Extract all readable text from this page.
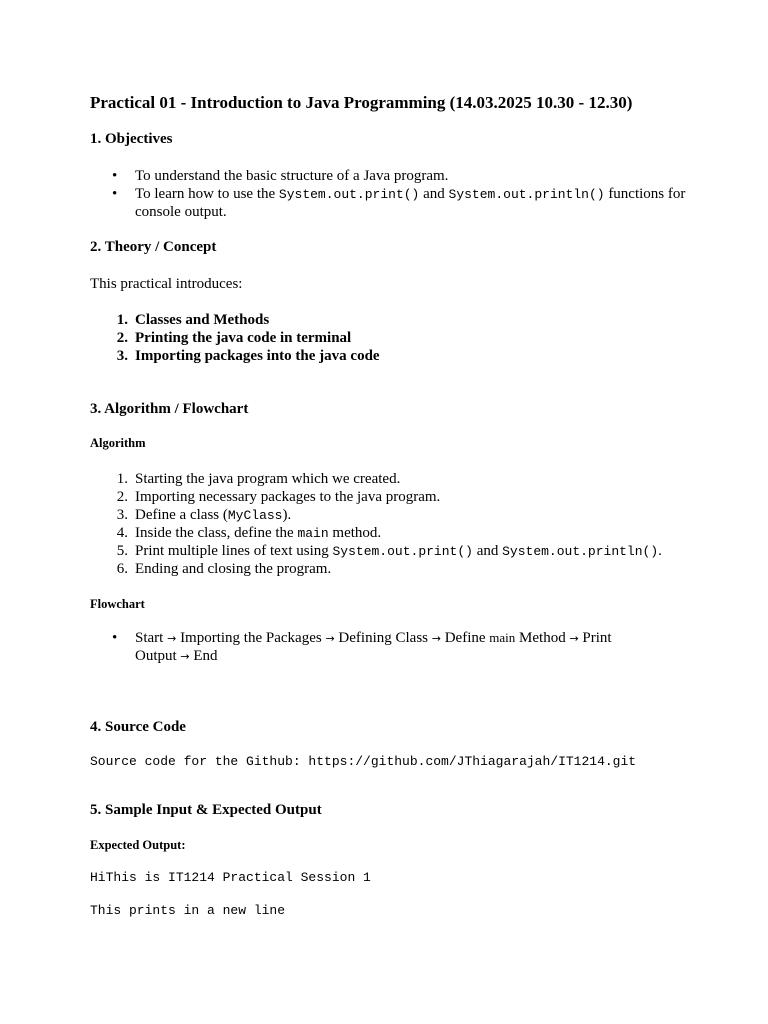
Practical 01 - Introduction to Java Programming (14.03.2025 10.30 - 12.30)
1. Objectives
• To understand the basic structure of a Java program.
• To learn how to use the System.out.print() and System.out.println() functions for
console output.
2. Theory / Concept
This practical introduces:
1. Classes and Methods
2. Printing the java code in terminal
3. Importing packages into the java code
3. Algorithm / Flowchart
Algorithm
1. Starting the java program which we created.
2. Importing necessary packages to the java program.
3. Define a class (MyClass).
4. Inside the class, define the main method.
5. Print multiple lines of text using System.out.print() and System.out.println().
6. Ending and closing the program.
Flowchart
• Start → Importing the Packages → Defining Class → Define main Method → Print
Output → End
4. Source Code
Source code for the Github: https://github.com/JThiagarajah/IT1214.git
5. Sample Input & Expected Output
Expected Output:
HiThis is IT1214 Practical Session 1
This prints in a new line
